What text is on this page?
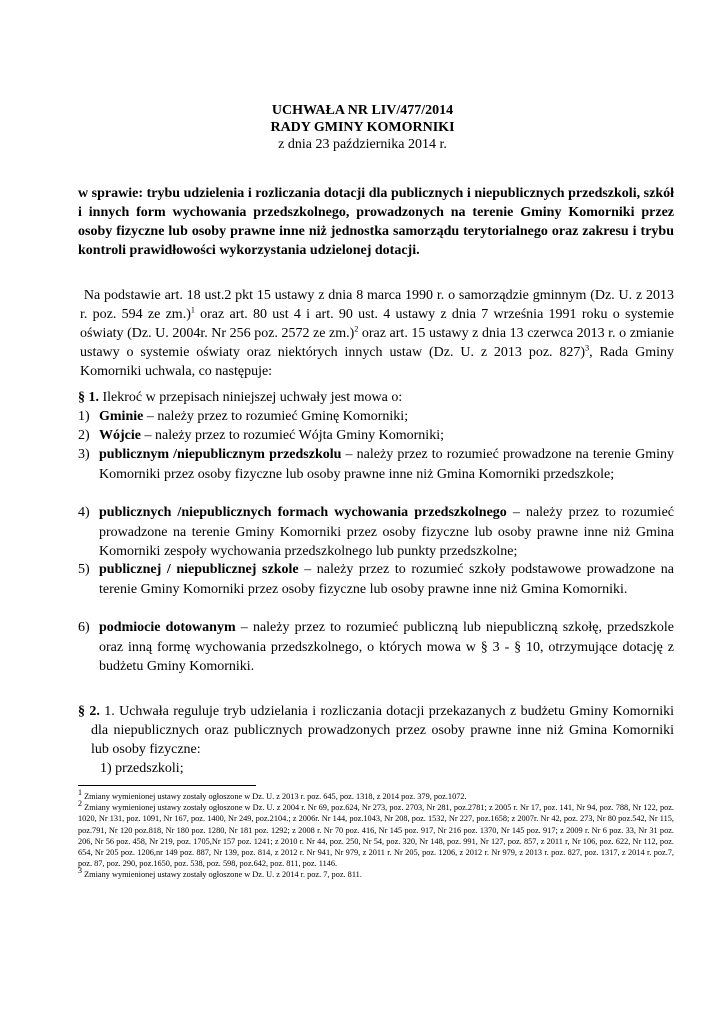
UCHWAŁA NR LIV/477/2014
RADY GMINY KOMORNIKI
z dnia 23 października 2014 r.
w sprawie: trybu udzielenia i rozliczania dotacji dla publicznych i niepublicznych przedszkoli, szkół i innych form wychowania przedszkolnego, prowadzonych na terenie Gminy Komorniki przez osoby fizyczne lub osoby prawne inne niż jednostka samorządu terytorialnego oraz zakresu i trybu kontroli prawidłowości wykorzystania udzielonej dotacji.
Na podstawie art. 18 ust.2 pkt 15 ustawy z dnia 8 marca 1990 r. o samorządzie gminnym (Dz. U. z 2013 r. poz. 594 ze zm.)$^1$ oraz art. 80 ust 4 i art. 90 ust. 4 ustawy z dnia 7 września 1991 roku o systemie oświaty (Dz. U. 2004r. Nr 256 poz. 2572 ze zm.)$^2$ oraz art. 15 ustawy z dnia 13 czerwca 2013 r. o zmianie ustawy o systemie oświaty oraz niektórych innych ustaw (Dz. U. z 2013 poz. 827)$^3$, Rada Gminy Komorniki uchwala, co następuje:
§ 1. Ilekroć w przepisach niniejszej uchwały jest mowa o:
1) Gminie – należy przez to rozumieć Gminę Komorniki;
2) Wójcie – należy przez to rozumieć Wójta Gminy Komorniki;
3) publicznym /niepublicznym przedszkolu – należy przez to rozumieć prowadzone na terenie Gminy Komorniki przez osoby fizyczne lub osoby prawne inne niż Gmina Komorniki przedszkole;
4) publicznych /niepublicznych formach wychowania przedszkolnego – należy przez to rozumieć prowadzone na terenie Gminy Komorniki przez osoby fizyczne lub osoby prawne inne niż Gmina Komorniki zespoły wychowania przedszkolnego lub punkty przedszkolne;
5) publicznej / niepublicznej szkole – należy przez to rozumieć szkoły podstawowe prowadzone na terenie Gminy Komorniki przez osoby fizyczne lub osoby prawne inne niż Gmina Komorniki.
6) podmiocie dotowanym – należy przez to rozumieć publiczną lub niepubliczną szkołę, przedszkole oraz inną formę wychowania przedszkolnego, o których mowa w § 3 - § 10, otrzymujące dotację z budżetu Gminy Komorniki.
§ 2. 1. Uchwała reguluje tryb udzielania i rozliczania dotacji przekazanych z budżetu Gminy Komorniki dla niepublicznych oraz publicznych prowadzonych przez osoby prawne inne niż Gmina Komorniki lub osoby fizyczne:
1) przedszkoli;

$^1$ Zmiany wymienionej ustawy zostały ogłoszone w Dz. U. z 2013 r. poz. 645, poz. 1318, z 2014 poz. 379, poz.1072.

$^2$ Zmiany wymienionej ustawy zostały ogłoszone w Dz. U. z 2004 r. Nr 69, poz.624, Nr 273, poz. 2703, Nr 281, poz.2781; z 2005 r. Nr 17, poz. 141, Nr 94, poz. 788, Nr 122, poz. 1020, Nr 131, poz. 1091, Nr 167, poz. 1400, Nr 249, poz.2104.; z 2006r. Nr 144, poz.1043, Nr 208, poz. 1532, Nr 227, poz.1658; z 2007r. Nr 42, poz. 273, Nr 80 poz.542, Nr 115, poz.791, Nr 120 poz.818, Nr 180 poz. 1280, Nr 181 poz. 1292; z 2008 r. Nr 70 poz. 416, Nr 145 poz. 917, Nr 216 poz. 1370, Nr 145 poz. 917; z 2009 r. Nr 6 poz. 33, Nr 31 poz. 206, Nr 56 poz. 458, Nr 219, poz. 1705,Nr 157 poz. 1241; z 2010 r. Nr 44, poz. 250, Nr 54, poz. 320, Nr 148, poz. 991, Nr 127, poz. 857, z 2011 r, Nr 106, poz. 622, Nr 112, poz. 654, Nr 205 poz. 1206,nr 149 poz. 887, Nr 139, poz. 814, z 2012 r. Nr 941, Nr 979, z 2011 r. Nr 205, poz. 1206, z 2012 r. Nr 979, z 2013 r. poz. 827, poz. 1317, z 2014 r. poz.7, poz. 87, poz. 290, poz.1650, poz. 538, poz. 598, poz.642, poz. 811, poz. 1146.

$^3$ Zmiany wymienionej ustawy zostały ogłoszone w Dz. U. z 2014 r. poz. 7, poz. 811.
